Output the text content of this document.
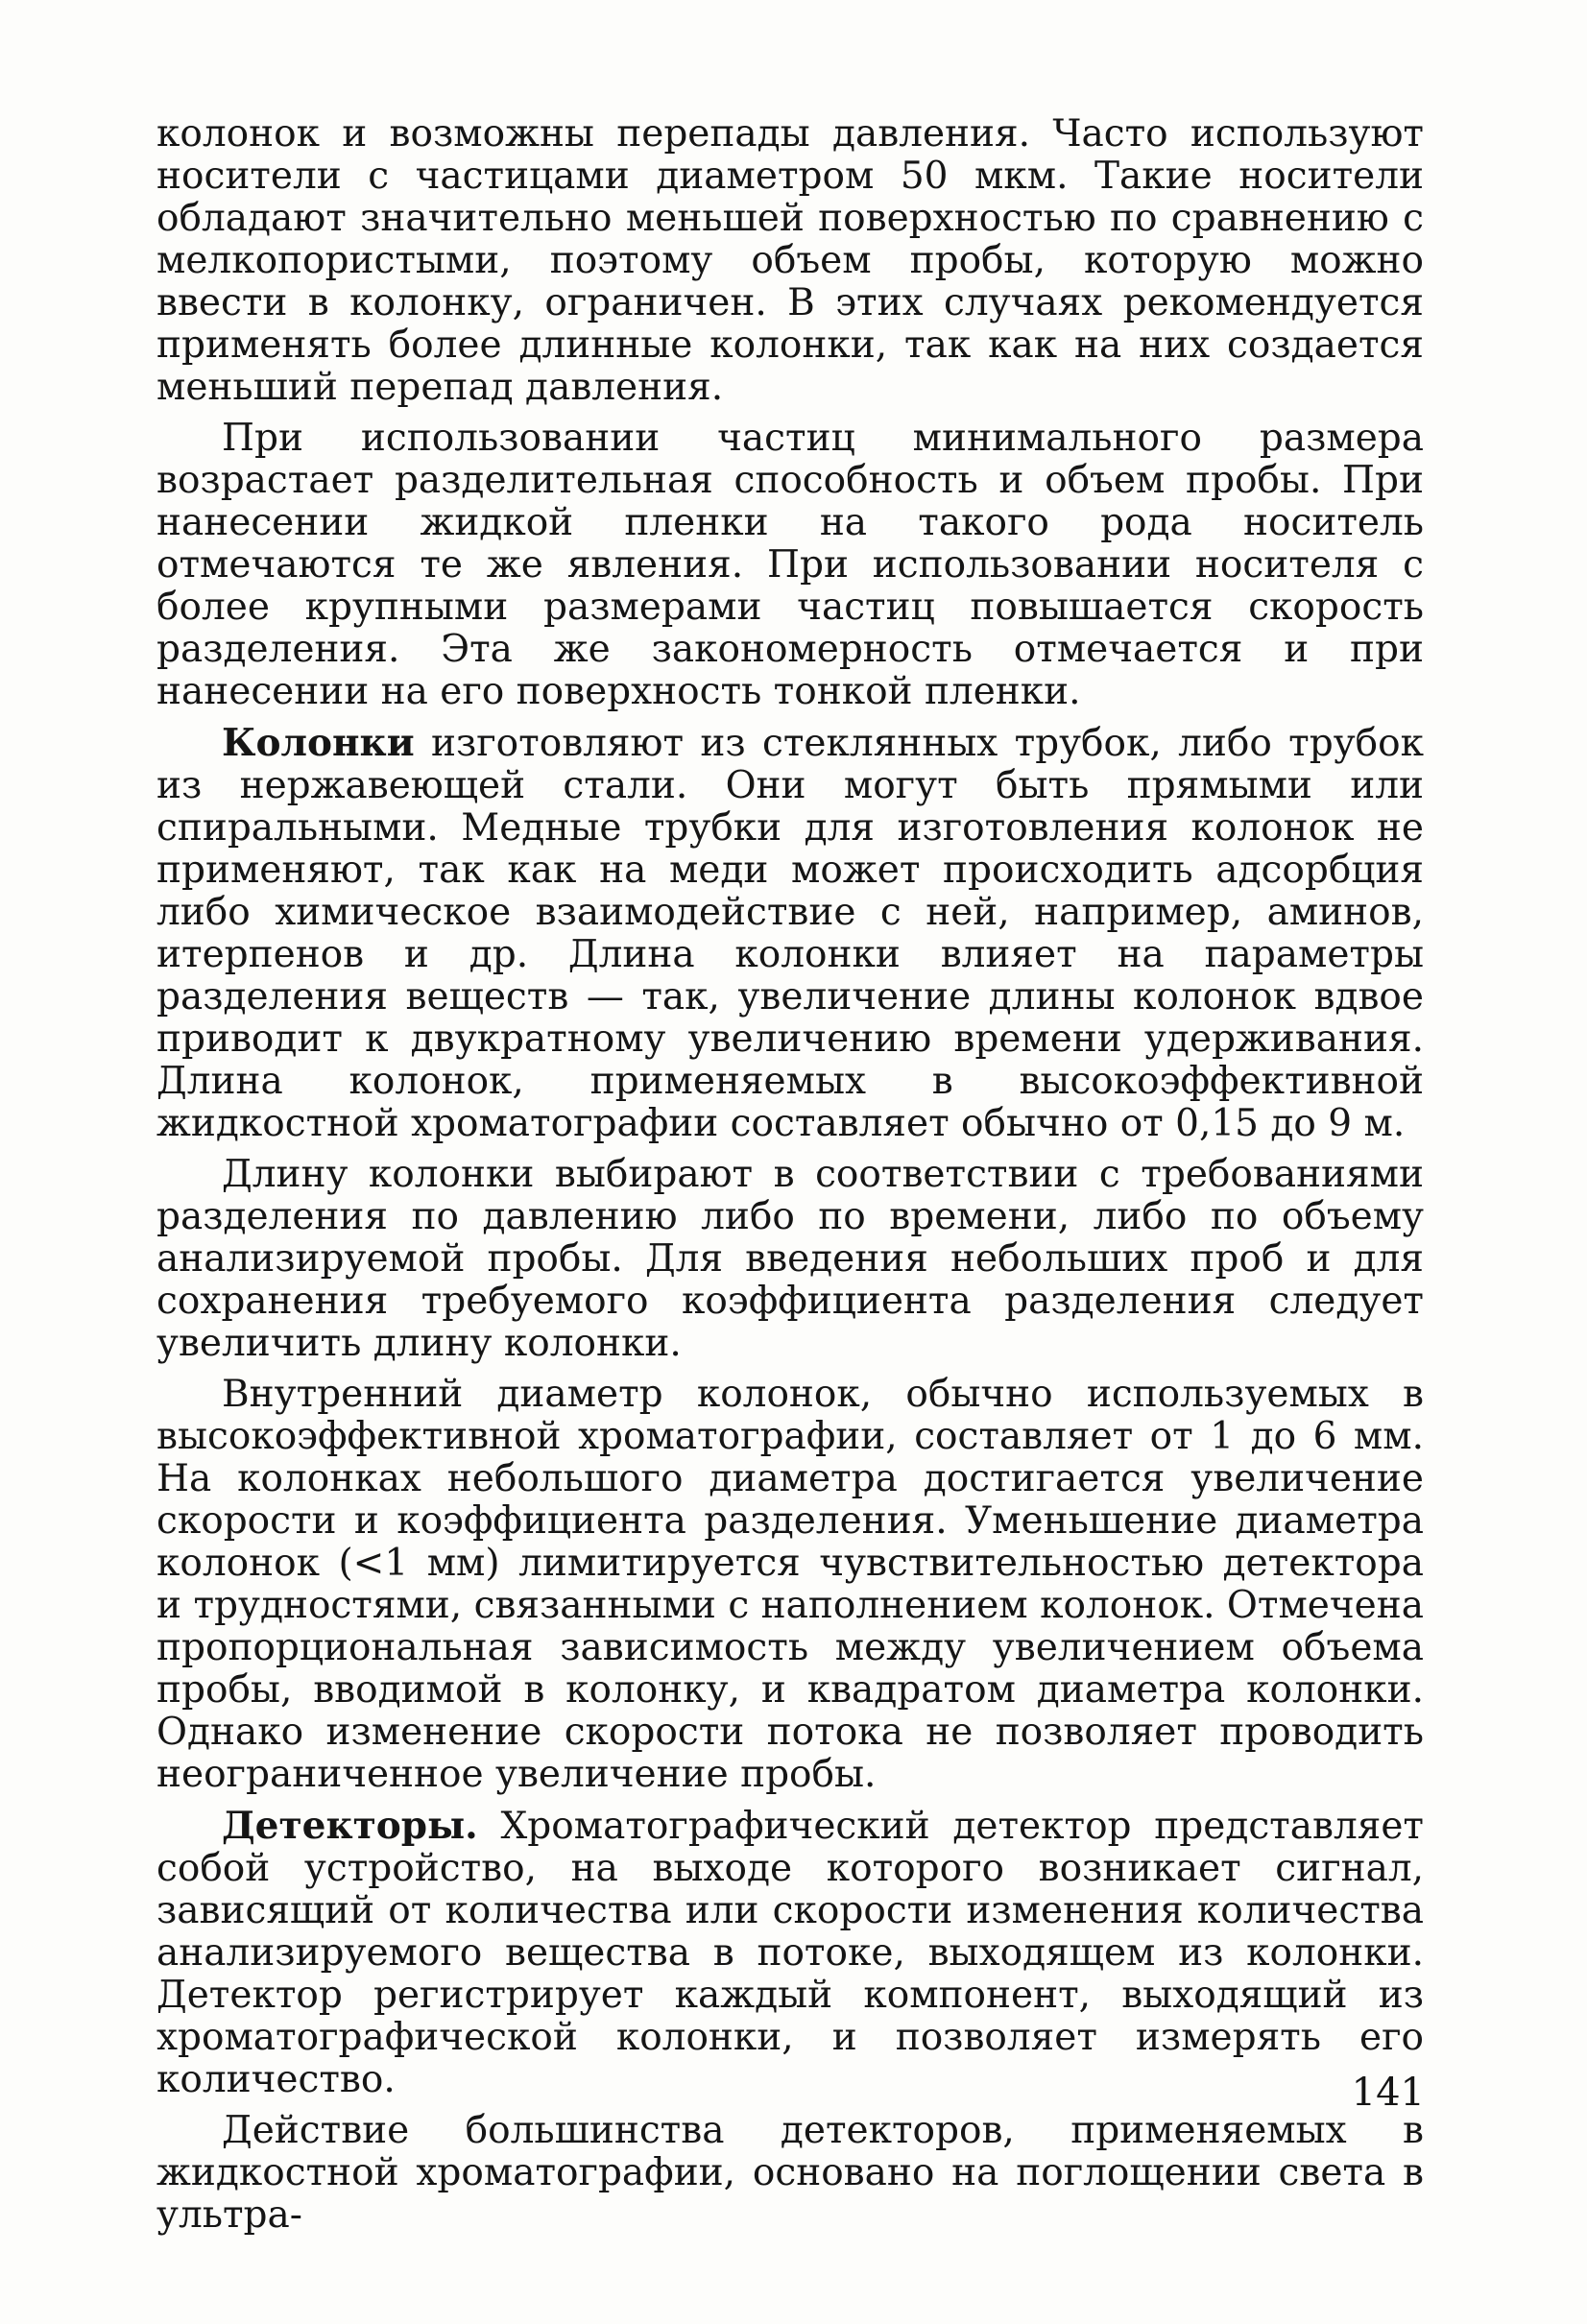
колонок и возможны перепады давления. Часто используют носители с частицами диаметром 50 мкм. Такие носители обладают значительно меньшей поверхностью по сравнению с мелкопористыми, поэтому объем пробы, которую можно ввести в колонку, ограничен. В этих случаях рекомендуется применять более длинные колонки, так как на них создается меньший перепад давления.

При использовании частиц минимального размера возрастает разделительная способность и объем пробы. При нанесении жидкой пленки на такого рода носитель отмечаются те же явления. При использовании носителя с более крупными размерами частиц повышается скорость разделения. Эта же закономерность отмечается и при нанесении на его поверхность тонкой пленки.

Колонки изготовляют из стеклянных трубок, либо трубок из нержавеющей стали. Они могут быть прямыми или спиральными. Медные трубки для изготовления колонок не применяют, так как на меди может происходить адсорбция либо химическое взаимодействие с ней, например, аминов, итерпенов и др. Длина колонки влияет на параметры разделения веществ — так, увеличение длины колонок вдвое приводит к двукратному увеличению времени удерживания. Длина колонок, применяемых в высокоэффективной жидкостной хроматографии составляет обычно от 0,15 до 9 м.

Длину колонки выбирают в соответствии с требованиями разделения по давлению либо по времени, либо по объему анализируемой пробы. Для введения небольших проб и для сохранения требуемого коэффициента разделения следует увеличить длину колонки.

Внутренний диаметр колонок, обычно используемых в высокоэффективной хроматографии, составляет от 1 до 6 мм. На колонках небольшого диаметра достигается увеличение скорости и коэффициента разделения. Уменьшение диаметра колонок (<1 мм) лимитируется чувствительностью детектора и трудностями, связанными с наполнением колонок. Отмечена пропорциональная зависимость между увеличением объема пробы, вводимой в колонку, и квадратом диаметра колонки. Однако изменение скорости потока не позволяет проводить неограниченное увеличение пробы.

Детекторы. Хроматографический детектор представляет собой устройство, на выходе которого возникает сигнал, зависящий от количества или скорости изменения количества анализируемого вещества в потоке, выходящем из колонки. Детектор регистрирует каждый компонент, выходящий из хроматографической колонки, и позволяет измерять его количество.

Действие большинства детекторов, применяемых в жидкостной хроматографии, основано на поглощении света в ультра-

141
